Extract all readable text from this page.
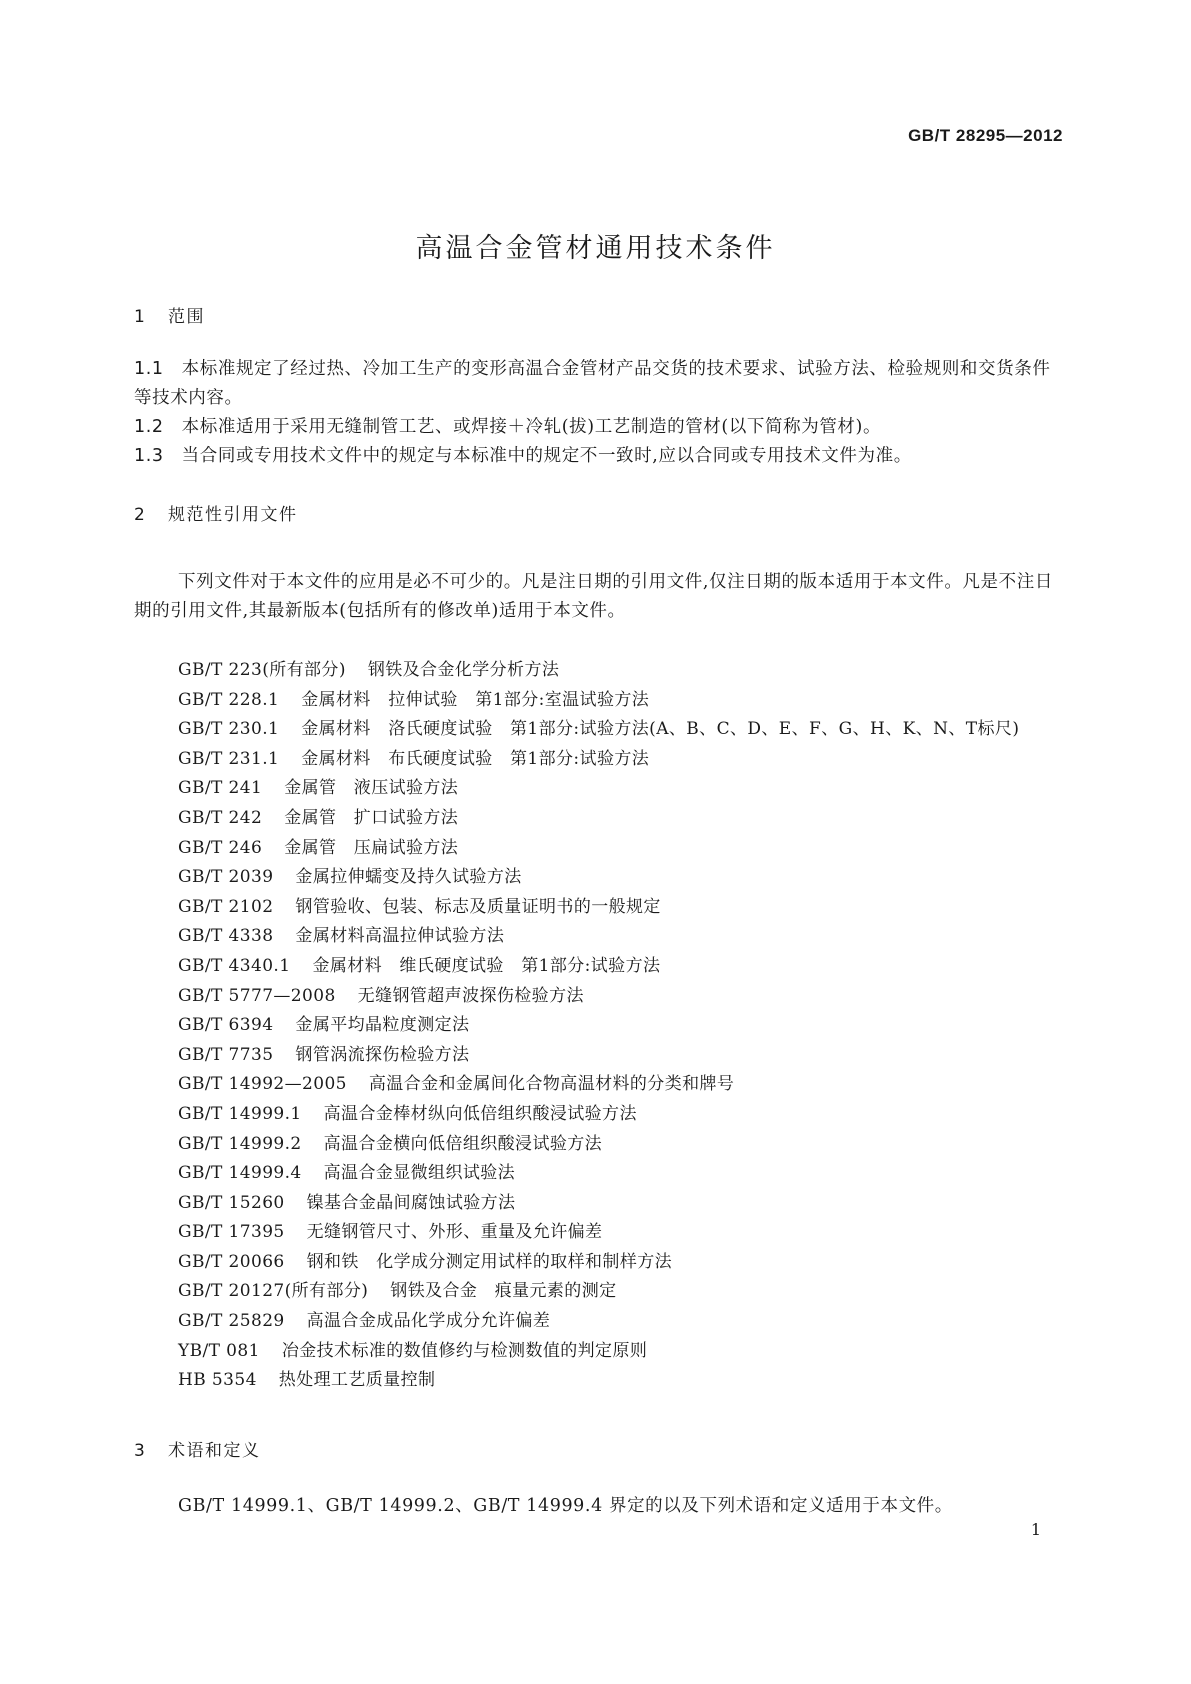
GB/T 28295—2012
高温合金管材通用技术条件
1 范围
1.1 本标准规定了经过热、冷加工生产的变形高温合金管材产品交货的技术要求、试验方法、检验规则和交货条件等技术内容。
1.2 本标准适用于采用无缝制管工艺、或焊接＋冷轧(拔)工艺制造的管材(以下简称为管材)。
1.3 当合同或专用技术文件中的规定与本标准中的规定不一致时,应以合同或专用技术文件为准。
2 规范性引用文件
下列文件对于本文件的应用是必不可少的。凡是注日期的引用文件,仅注日期的版本适用于本文件。凡是不注日期的引用文件,其最新版本(包括所有的修改单)适用于本文件。
GB/T 223(所有部分) 钢铁及合金化学分析方法
GB/T 228.1 金属材料　拉伸试验　第1部分:室温试验方法
GB/T 230.1 金属材料　洛氏硬度试验　第1部分:试验方法(A、B、C、D、E、F、G、H、K、N、T标尺)
GB/T 231.1 金属材料　布氏硬度试验　第1部分:试验方法
GB/T 241 金属管　液压试验方法
GB/T 242 金属管　扩口试验方法
GB/T 246 金属管　压扁试验方法
GB/T 2039 金属拉伸蠕变及持久试验方法
GB/T 2102 钢管验收、包装、标志及质量证明书的一般规定
GB/T 4338 金属材料高温拉伸试验方法
GB/T 4340.1 金属材料　维氏硬度试验　第1部分:试验方法
GB/T 5777—2008 无缝钢管超声波探伤检验方法
GB/T 6394 金属平均晶粒度测定法
GB/T 7735 钢管涡流探伤检验方法
GB/T 14992—2005 高温合金和金属间化合物高温材料的分类和牌号
GB/T 14999.1 高温合金棒材纵向低倍组织酸浸试验方法
GB/T 14999.2 高温合金横向低倍组织酸浸试验方法
GB/T 14999.4 高温合金显微组织试验法
GB/T 15260 镍基合金晶间腐蚀试验方法
GB/T 17395 无缝钢管尺寸、外形、重量及允许偏差
GB/T 20066 钢和铁　化学成分测定用试样的取样和制样方法
GB/T 20127(所有部分) 钢铁及合金　痕量元素的测定
GB/T 25829 高温合金成品化学成分允许偏差
YB/T 081 冶金技术标准的数值修约与检测数值的判定原则
HB 5354 热处理工艺质量控制
3 术语和定义
GB/T 14999.1、GB/T 14999.2、GB/T 14999.4 界定的以及下列术语和定义适用于本文件。
1
